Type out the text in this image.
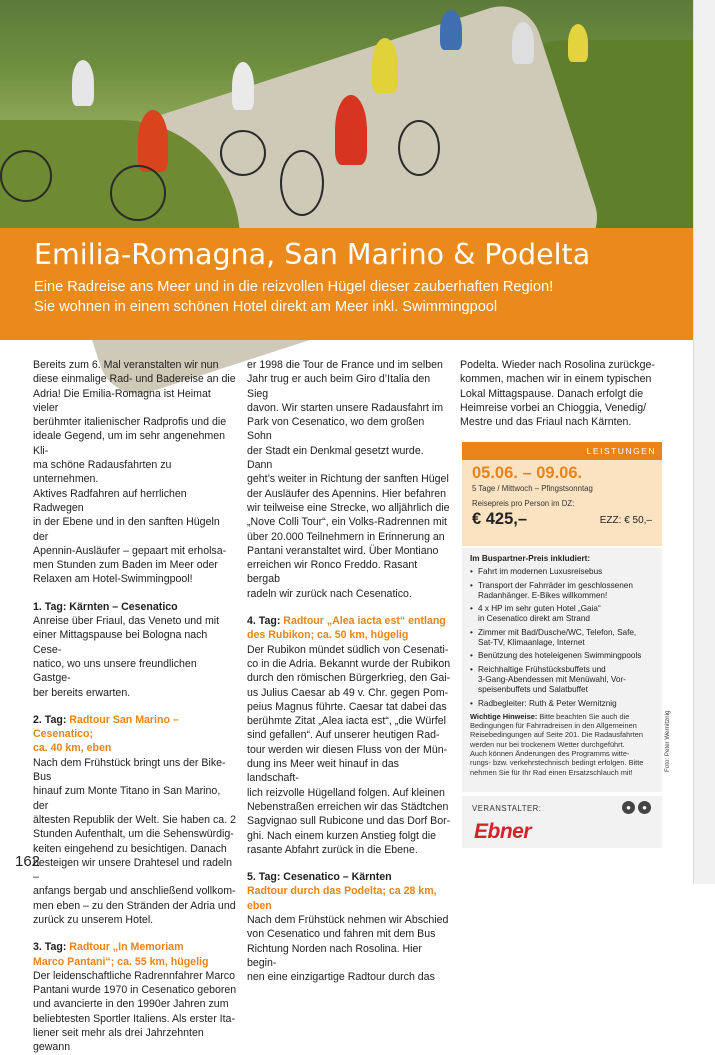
Emilia-Romagna, San Marino & Podelta
Eine Radreise ans Meer und in die reizvollen Hügel dieser zauberhaften Region!
Sie wohnen in einem schönen Hotel direkt am Meer inkl. Swimmingpool

Bereits zum 6. Mal veranstalten wir nun

diese einmalige Rad- und Badereise an die

Adria! Die Emilia-Romagna ist Heimat vieler

berühmter italienischer Radprofis und die

ideale Gegend, um im sehr angenehmen Kli-

ma schöne Radausfahrten zu unternehmen.

Aktives Radfahren auf herrlichen Radwegen

in der Ebene und in den sanften Hügeln der

Apennin-Ausläufer – gepaart mit erholsa-

men Stunden zum Baden im Meer oder

Relaxen am Hotel-Swimmingpool!

1. Tag: Kärnten – Cesenatico

Anreise über Friaul, das Veneto und mit

einer Mittagspause bei Bologna nach Cese-

natico, wo uns unsere freundlichen Gastge-

ber bereits erwarten.

2. Tag: Radtour San Marino – Cesenatico;

ca. 40 km, eben

Nach dem Frühstück bringt uns der Bike-Bus

hinauf zum Monte Titano in San Marino, der

ältesten Republik der Welt. Sie haben ca. 2

Stunden Aufenthalt, um die Sehenswürdig-

keiten eingehend zu besichtigen. Danach

besteigen wir unsere Drahtesel und radeln –

anfangs bergab und anschließend vollkom-

men eben – zu den Stränden der Adria und

zurück zu unserem Hotel.

3. Tag: Radtour „In Memoriam

Marco Pantani“; ca. 55 km, hügelig

Der leidenschaftliche Radrennfahrer Marco

Pantani wurde 1970 in Cesenatico geboren

und avancierte in den 1990er Jahren zum

beliebtesten Sportler Italiens. Als erster Ita-

liener seit mehr als drei Jahrzehnten gewann

er 1998 die Tour de France und im selben

Jahr trug er auch beim Giro d’Italia den Sieg

davon. Wir starten unsere Radausfahrt im

Park von Cesenatico, wo dem großen Sohn

der Stadt ein Denkmal gesetzt wurde. Dann

geht’s weiter in Richtung der sanften Hügel

der Ausläufer des Apennins. Hier befahren

wir teilweise eine Strecke, wo alljährlich die

„Nove Colli Tour“, ein Volks-Radrennen mit

über 20.000 Teilnehmern in Erinnerung an

Pantani veranstaltet wird. Über Montiano

erreichen wir Ronco Freddo. Rasant bergab

radeln wir zurück nach Cesenatico.

4. Tag: Radtour „Alea iacta est“ entlang

des Rubikon; ca. 50 km, hügelig

Der Rubikon mündet südlich von Cesenati-

co in die Adria. Bekannt wurde der Rubikon

durch den römischen Bürgerkrieg, den Gai-

us Julius Caesar ab 49 v. Chr. gegen Pom-

peius Magnus führte. Caesar tat dabei das

berühmte Zitat „Alea iacta est“, „die Würfel

sind gefallen“. Auf unserer heutigen Rad-

tour werden wir diesen Fluss von der Mün-

dung ins Meer weit hinauf in das landschaft-

lich reizvolle Hügelland folgen. Auf kleinen

Nebenstraßen erreichen wir das Städtchen

Sagvignao sull Rubicone und das Dorf Bor-

ghi. Nach einem kurzen Anstieg folgt die

rasante Abfahrt zurück in die Ebene.

5. Tag: Cesenatico – Kärnten

Radtour durch das Podelta; ca 28 km, eben

Nach dem Frühstück nehmen wir Abschied

von Cesenatico und fahren mit dem Bus

Richtung Norden nach Rosolina. Hier begin-

nen eine einzigartige Radtour durch das

Podelta. Wieder nach Rosolina zurückge-

kommen, machen wir in einem typischen

Lokal Mittagspause. Danach erfolgt die

Heimreise vorbei an Chioggia, Venedig/

Mestre und das Friaul nach Kärnten.

LEISTUNGEN
05.06. – 09.06.
5 Tage / Mittwoch – Pfingstsonntag
Reisepreis pro Person im DZ:
€ 425,–	EZZ: € 50,–
Im Buspartner-Preis inkludiert:
• Fahrt im modernen Luxusreisebus
• Transport der Fahrräder im geschlossenen
Radanhänger. E-Bikes willkommen!
• 4 x HP im sehr guten Hotel „Gaia“
in Cesenatico direkt am Strand
• Zimmer mit Bad/Dusche/WC, Telefon, Safe,
Sat-TV, Klimaanlage, Internet
• Benützung des hoteleigenen Swimmingpools
• Reichhaltige Frühstücksbuffets und
3-Gang-Abendessen mit Menüwahl, Vor-
speisenbuffets und Salatbuffet
• Radbegleiter: Ruth & Peter Wernitznig
Wichtige Hinweise: Bitte beachten Sie auch die
Bedingungen für Fahrradreisen in den Allgemeinen
Reisebedingungen auf Seite 201. Die Radausfahrten
werden nur bei trockenem Wetter durchgeführt.
Auch können Änderungen des Programms witte-
rungs- bzw. verkehrstechnisch bedingt erfolgen. Bitte
nehmen Sie für Ihr Rad einen Ersatzschlauch mit!
VERANSTALTER:	●	●
Ebner
Foto: Peter Wernitznig
162
